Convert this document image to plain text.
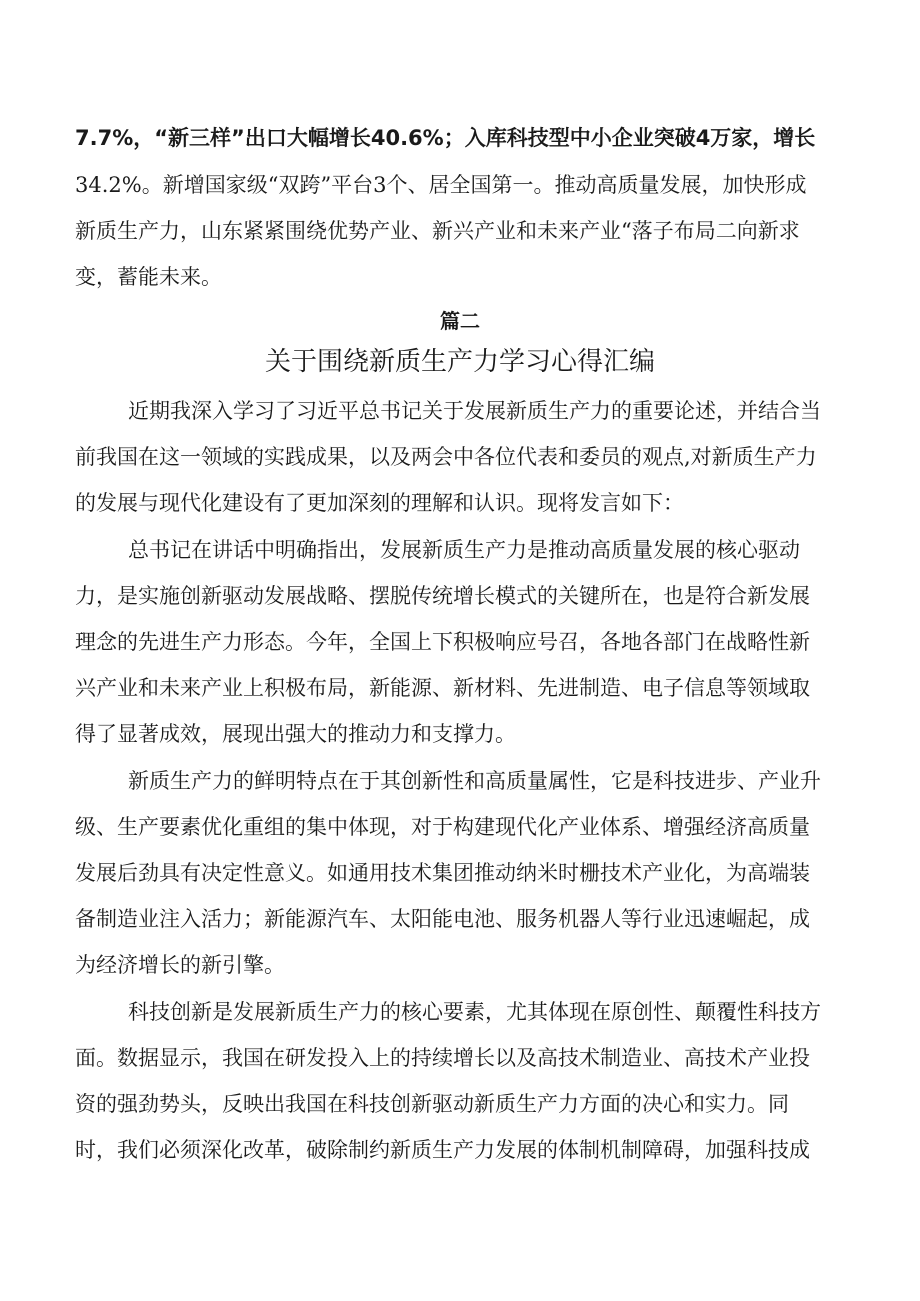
7.7%，“新三样”出口大幅增长40.6%；入库科技型中小企业突破4万家，增长
34.2%。新增国家级“双跨”平台3个、居全国第一。推动高质量发展，加快形成
新质生产力，山东紧紧围绕优势产业、新兴产业和未来产业“落子布局二向新求
变，蓄能未来。
篇二
关于围绕新质生产力学习心得汇编
近期我深入学习了习近平总书记关于发展新质生产力的重要论述，并结合当
前我国在这一领域的实践成果，以及两会中各位代表和委员的观点,对新质生产力
的发展与现代化建设有了更加深刻的理解和认识。现将发言如下：
总书记在讲话中明确指出，发展新质生产力是推动高质量发展的核心驱动
力，是实施创新驱动发展战略、摆脱传统增长模式的关键所在，也是符合新发展
理念的先进生产力形态。今年，全国上下积极响应号召，各地各部门在战略性新
兴产业和未来产业上积极布局，新能源、新材料、先进制造、电子信息等领域取
得了显著成效，展现出强大的推动力和支撑力。
新质生产力的鲜明特点在于其创新性和高质量属性，它是科技进步、产业升
级、生产要素优化重组的集中体现，对于构建现代化产业体系、增强经济高质量
发展后劲具有决定性意义。如通用技术集团推动纳米时栅技术产业化，为高端装
备制造业注入活力；新能源汽车、太阳能电池、服务机器人等行业迅速崛起，成
为经济增长的新引擎。
科技创新是发展新质生产力的核心要素，尤其体现在原创性、颠覆性科技方
面。数据显示，我国在研发投入上的持续增长以及高技术制造业、高技术产业投
资的强劲势头，反映出我国在科技创新驱动新质生产力方面的决心和实力。同
时，我们必须深化改革，破除制约新质生产力发展的体制机制障碍，加强科技成
